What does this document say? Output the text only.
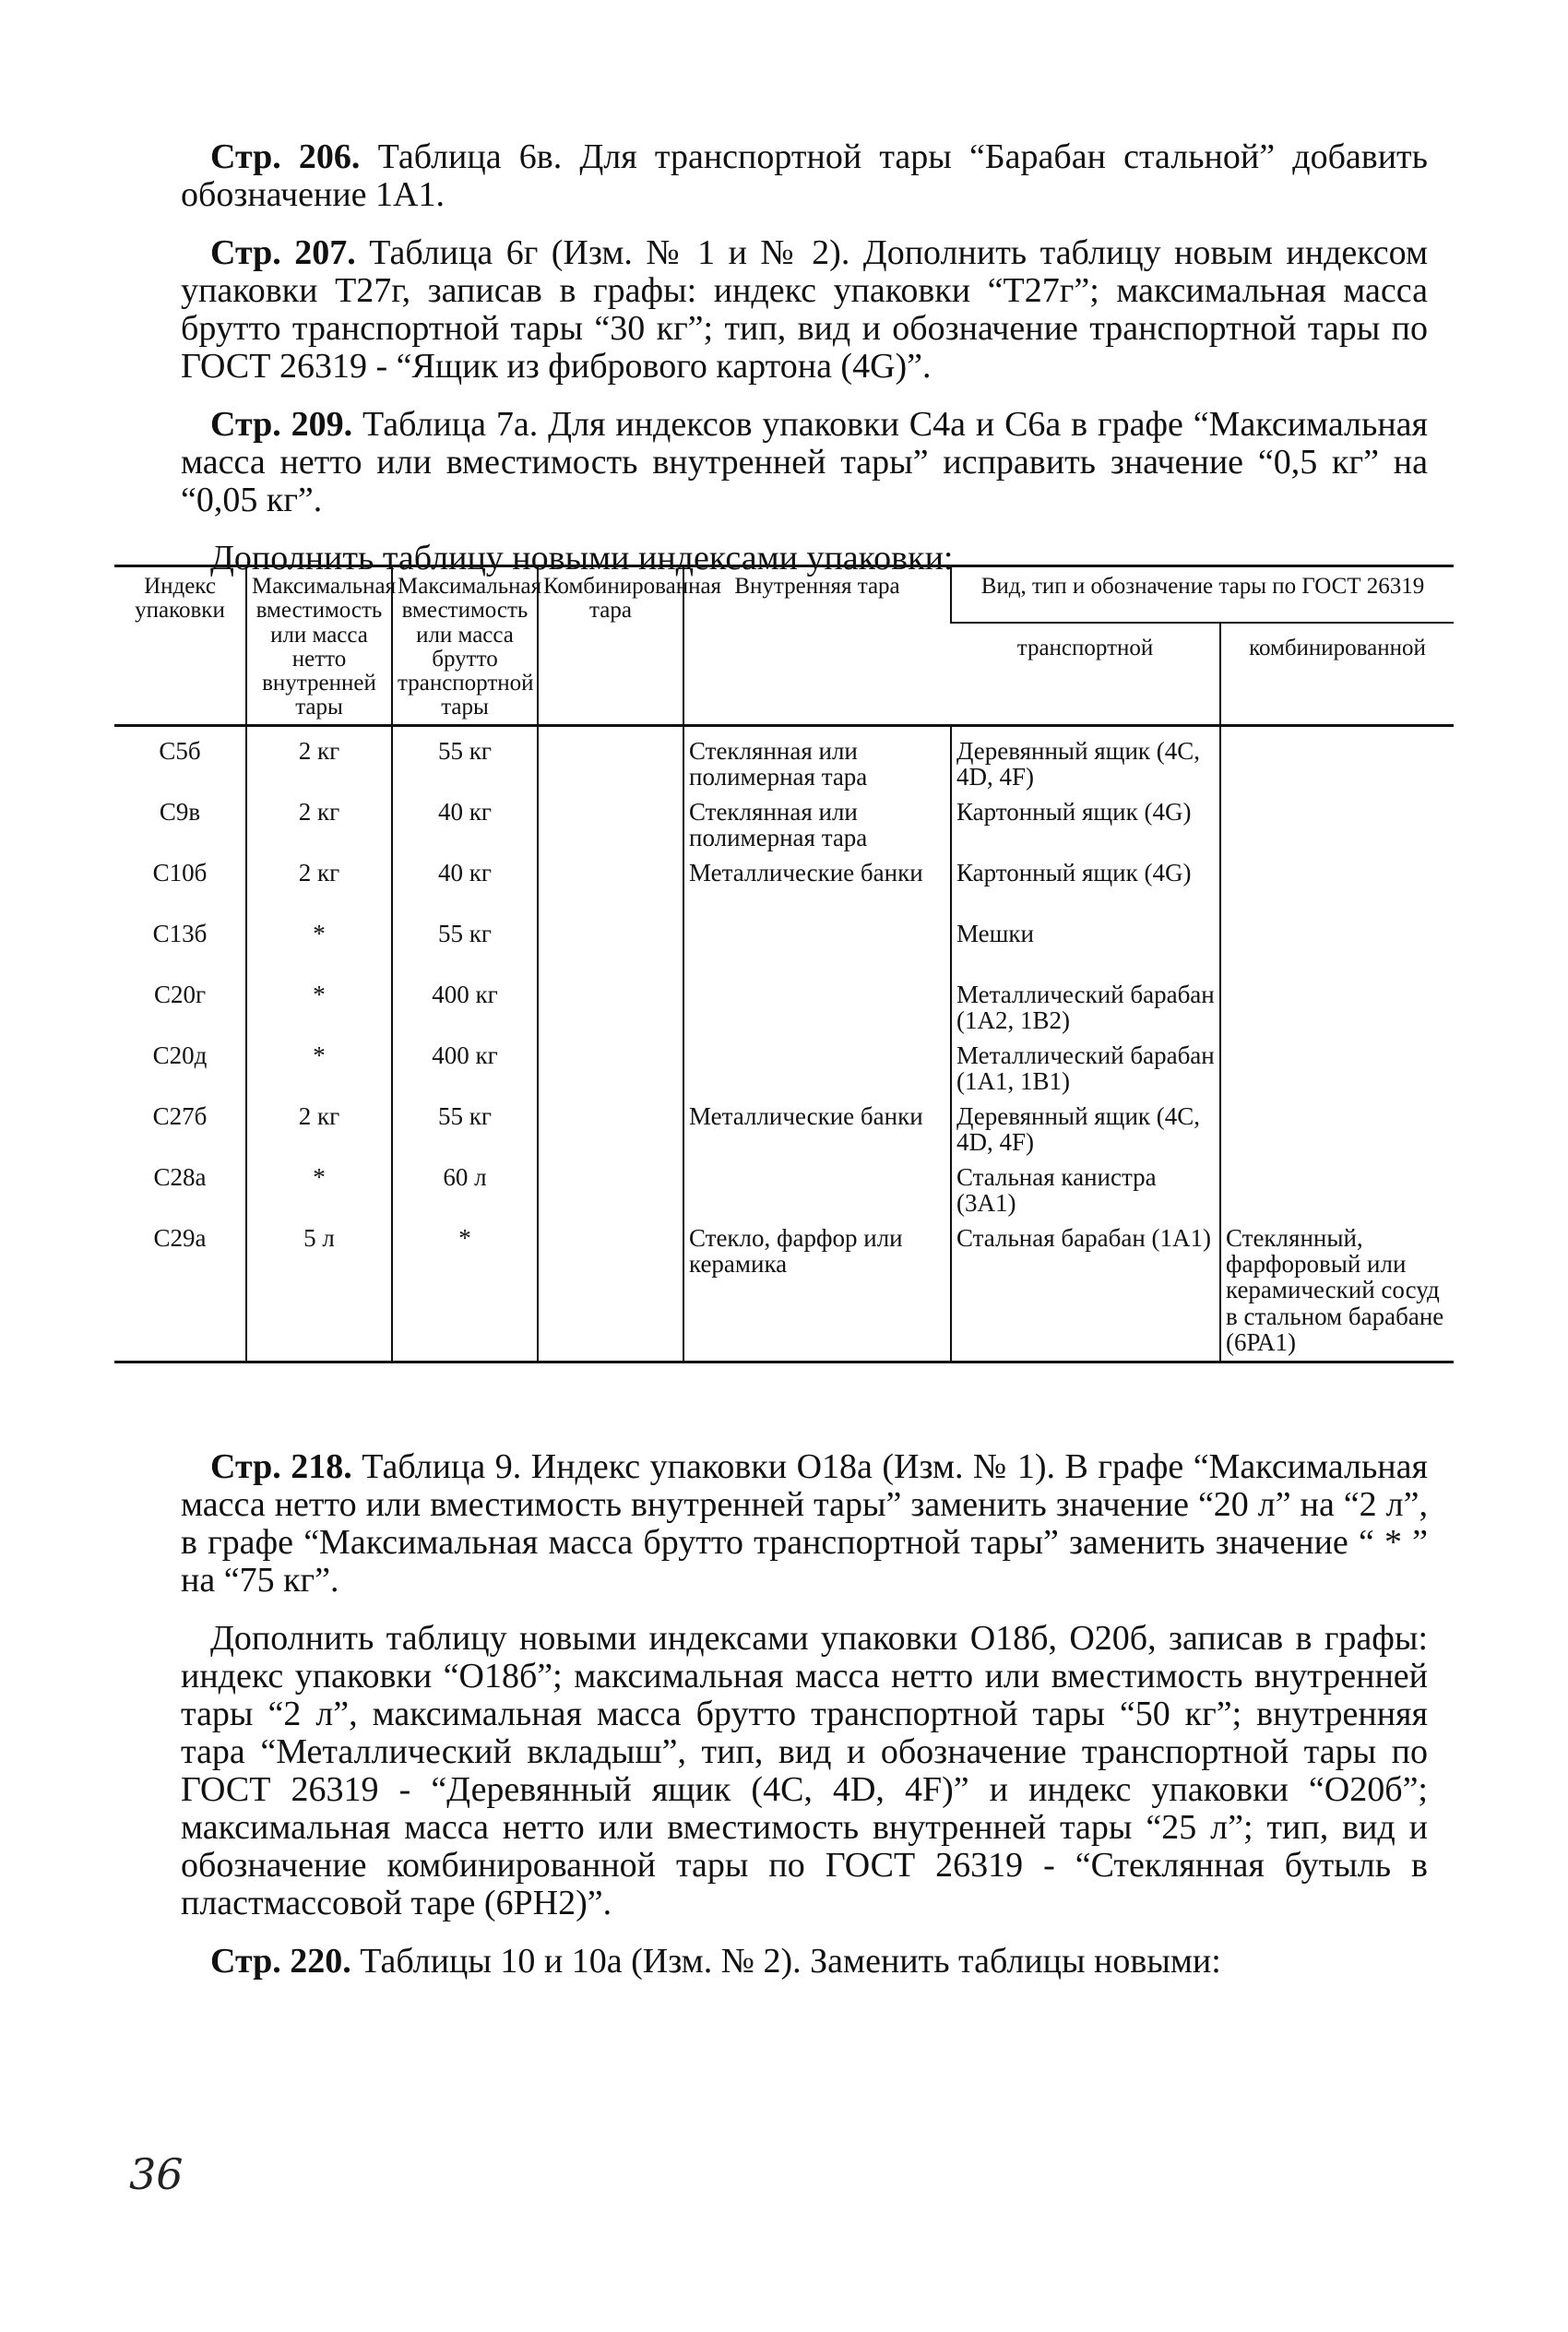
Стр. 206. Таблица 6в. Для транспортной тары “Барабан стальной” добавить обозначение 1А1.

Стр. 207. Таблица 6г (Изм. № 1 и № 2). Дополнить таблицу новым индексом упаковки Т27г, записав в графы: индекс упаковки “Т27г”; максимальная масса брутто транспортной тары “30 кг”; тип, вид и обозначение транспортной тары по ГОСТ 26319 - “Ящик из фибрового картона (4G)”.

Стр. 209. Таблица 7а. Для индексов упаковки С4а и С6а в графе “Максимальная масса нетто или вместимость внутренней тары” исправить значение “0,5 кг” на “0,05 кг”.

Дополнить таблицу новыми индексами упаковки:

Индекс упаковки	Максимальная вместимость или масса нетто внутренней тары	Максимальная вместимость или масса брутто транспортной тары	Комбинированная тара	Внутренняя тара	Вид, тип и обозначение тары по ГОСТ 26319	
					транспортной	комбинированной
С5б	2 кг	55 кг		Стеклянная или полимерная тара	Деревянный ящик (4С, 4D, 4F)	
С9в	2 кг	40 кг		Стеклянная или полимерная тара	Картонный ящик (4G)	
С10б	2 кг	40 кг		Металлические банки	Картонный ящик (4G)	
С13б	*	55 кг			Мешки	
С20г	*	400 кг			Металлический барабан (1А2, 1В2)	
С20д	*	400 кг			Металлический барабан (1А1, 1В1)	
С27б	2 кг	55 кг		Металлические банки	Деревянный ящик (4С, 4D, 4F)	
С28а	*	60 л			Стальная канистра (3А1)	
С29а	5 л	*		Стекло, фарфор или керамика	Стальная барабан (1А1)	Стеклянный, фарфоровый или керамический сосуд в стальном барабане (6РА1)

Стр. 218. Таблица 9. Индекс упаковки О18а (Изм. № 1). В графе “Максимальная масса нетто или вместимость внутренней тары” заменить значение “20 л” на “2 л”, в графе “Максимальная масса брутто транспортной тары” заменить значение “ * ” на “75 кг”.

Дополнить таблицу новыми индексами упаковки О18б, О20б, записав в графы: индекс упаковки “О18б”; максимальная масса нетто или вместимость внутренней тары “2 л”, максимальная масса брутто транспортной тары “50 кг”; внутренняя тара “Металлический вкладыш”, тип, вид и обозначение транспортной тары по ГОСТ 26319 - “Деревянный ящик (4С, 4D, 4F)” и индекс упаковки “О20б”; максимальная масса нетто или вместимость внутренней тары “25 л”; тип, вид и обозначение комбинированной тары по ГОСТ 26319 - “Стеклянная бутыль в пластмассовой таре (6РН2)”.

Стр. 220. Таблицы 10 и 10а (Изм. № 2). Заменить таблицы новыми:

36
